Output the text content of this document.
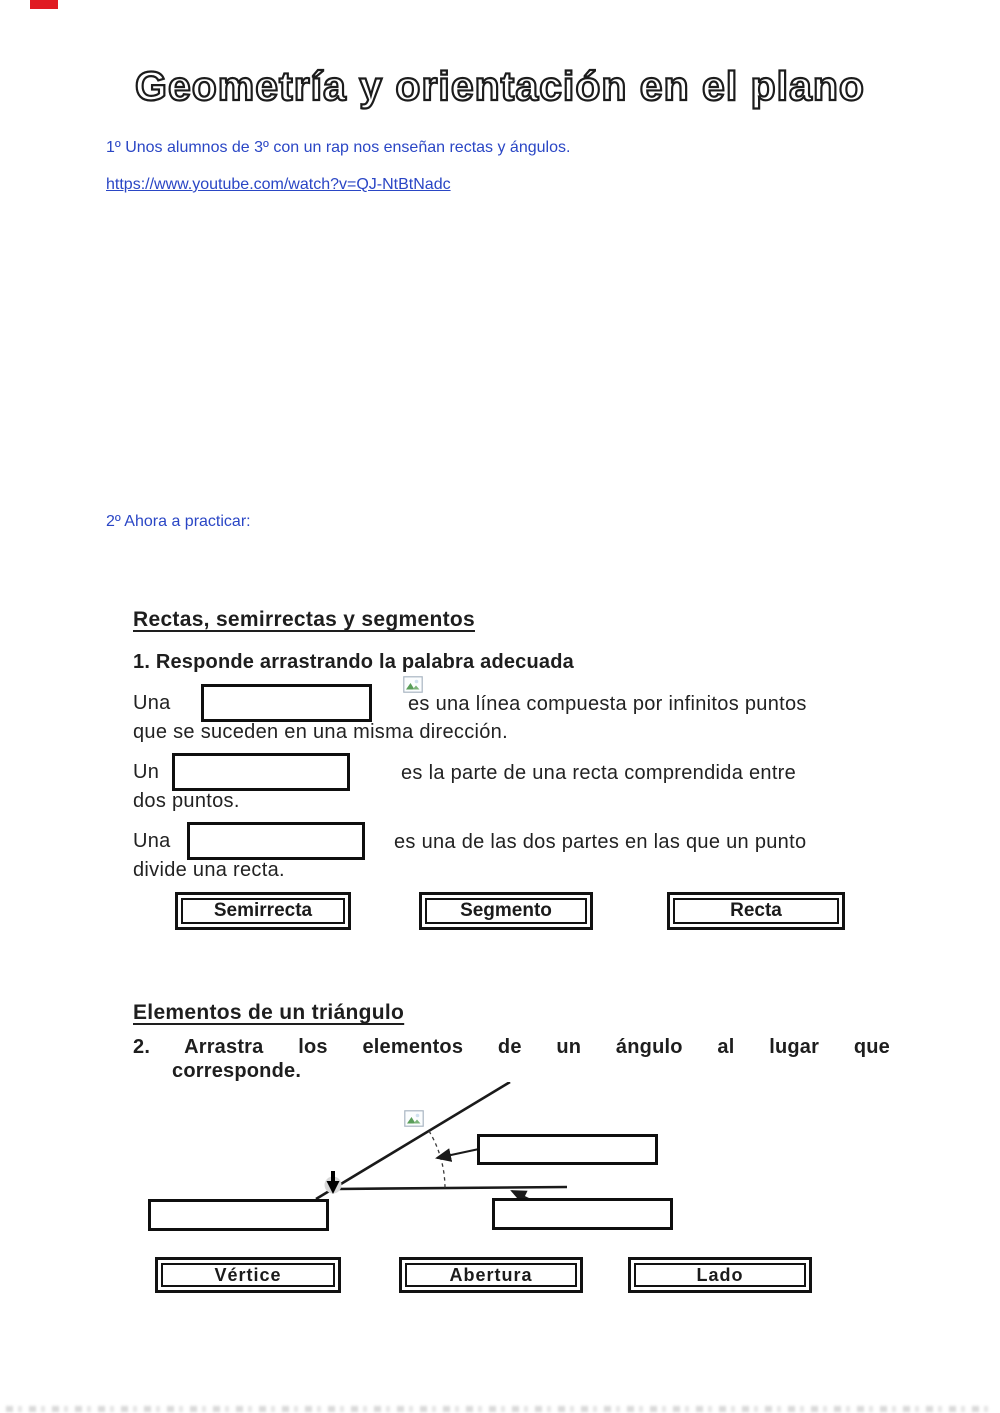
Geometría y orientación en el plano
1º Unos alumnos de 3º con un rap nos enseñan rectas y ángulos.
https://www.youtube.com/watch?v=QJ-NtBtNadc
2º Ahora a practicar:
Rectas, semirrectas y segmentos
1. Responde arrastrando la palabra adecuada
Una	es una línea compuesta por infinitos puntos
que se suceden en una misma dirección.
Un	es la parte de una recta comprendida entre
dos puntos.
Una	es una de las dos partes en las que un punto
divide una recta.
Semirrecta	Segmento	Recta
Elementos de un triángulo
2. Arrastra los elementos de un ángulo al lugar que
corresponde.
Vértice	Abertura	Lado
